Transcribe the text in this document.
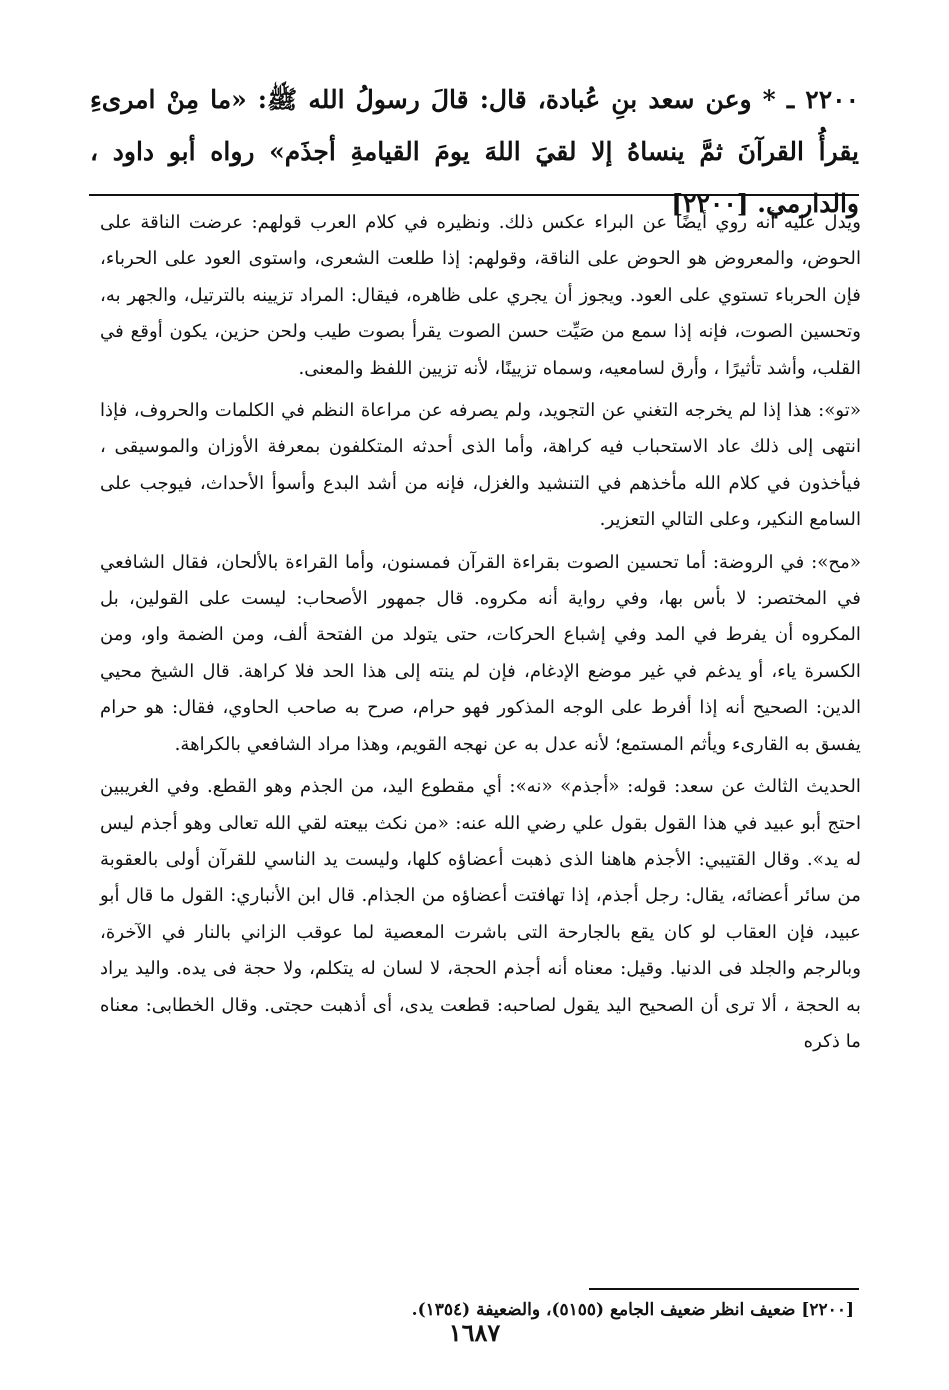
٢٢٠٠ ـ * وعن سعد بنِ عُبادة، قال: قالَ رسولُ الله ﷺ: «ما مِنْ امرىءِ يقرأُ القرآنَ ثمَّ ينساهُ إلا لقيَ اللهَ يومَ القيامةِ أجذَم» رواه أبو داود ، والدارمي. [٢٢٠٠]

ويدل عليه أنه روي أيضًا عن البراء عكس ذلك. ونظيره في كلام العرب قولهم: عرضت الناقة على الحوض، والمعروض هو الحوض على الناقة، وقولهم: إذا طلعت الشعرى، واستوى العود على الحرباء، فإن الحرباء تستوي على العود. ويجوز أن يجري على ظاهره، فيقال: المراد تزيينه بالترتيل، والجهر به، وتحسين الصوت، فإنه إذا سمع من صَيِّت حسن الصوت يقرأ بصوت طيب ولحن حزين، يكون أوقع في القلب، وأشد تأثيرًا ، وأرق لسامعيه، وسماه تزيينًا، لأنه تزيين اللفظ والمعنى.

«تو»: هذا إذا لم يخرجه التغني عن التجويد، ولم يصرفه عن مراعاة النظم في الكلمات والحروف، فإذا انتهى إلى ذلك عاد الاستحباب فيه كراهة، وأما الذى أحدثه المتكلفون بمعرفة الأوزان والموسيقى ، فيأخذون في كلام الله مأخذهم في التنشيد والغزل، فإنه من أشد البدع وأسوأ الأحداث، فيوجب على السامع النكير، وعلى التالي التعزير.

«مح»: في الروضة: أما تحسين الصوت بقراءة القرآن فمسنون، وأما القراءة بالألحان، فقال الشافعي في المختصر: لا بأس بها، وفي رواية أنه مكروه. قال جمهور الأصحاب: ليست على القولين، بل المكروه أن يفرط في المد وفي إشباع الحركات، حتى يتولد من الفتحة ألف، ومن الضمة واو، ومن الكسرة ياء، أو يدغم في غير موضع الإدغام، فإن لم ينته إلى هذا الحد فلا كراهة. قال الشيخ محيي الدين: الصحيح أنه إذا أفرط على الوجه المذكور فهو حرام، صرح به صاحب الحاوي، فقال: هو حرام يفسق به القارىء ويأثم المستمع؛ لأنه عدل به عن نهجه القويم، وهذا مراد الشافعي بالكراهة.

الحديث الثالث عن سعد: قوله: «أجذم» «نه»: أي مقطوع اليد، من الجذم وهو القطع. وفي الغريبين احتج أبو عبيد في هذا القول بقول علي رضي الله عنه: «من نكث بيعته لقي الله تعالى وهو أجذم ليس له يد». وقال القتيبي: الأجذم هاهنا الذى ذهبت أعضاؤه كلها، وليست يد الناسي للقرآن أولى بالعقوبة من سائر أعضائه، يقال: رجل أجذم، إذا تهافتت أعضاؤه من الجذام. قال ابن الأنباري: القول ما قال أبو عبيد، فإن العقاب لو كان يقع بالجارحة التى باشرت المعصية لما عوقب الزاني بالنار في الآخرة، وبالرجم والجلد فى الدنيا. وقيل: معناه أنه أجذم الحجة، لا لسان له يتكلم، ولا حجة فى يده. واليد يراد به الحجة ، ألا ترى أن الصحيح اليد يقول لصاحبه: قطعت يدى، أى أذهبت حجتى. وقال الخطابى: معناه ما ذكره

[٢٢٠٠] ضعيف انظر ضعيف الجامع (٥١٥٥)، والضعيفة (١٣٥٤).
١٦٨٧
